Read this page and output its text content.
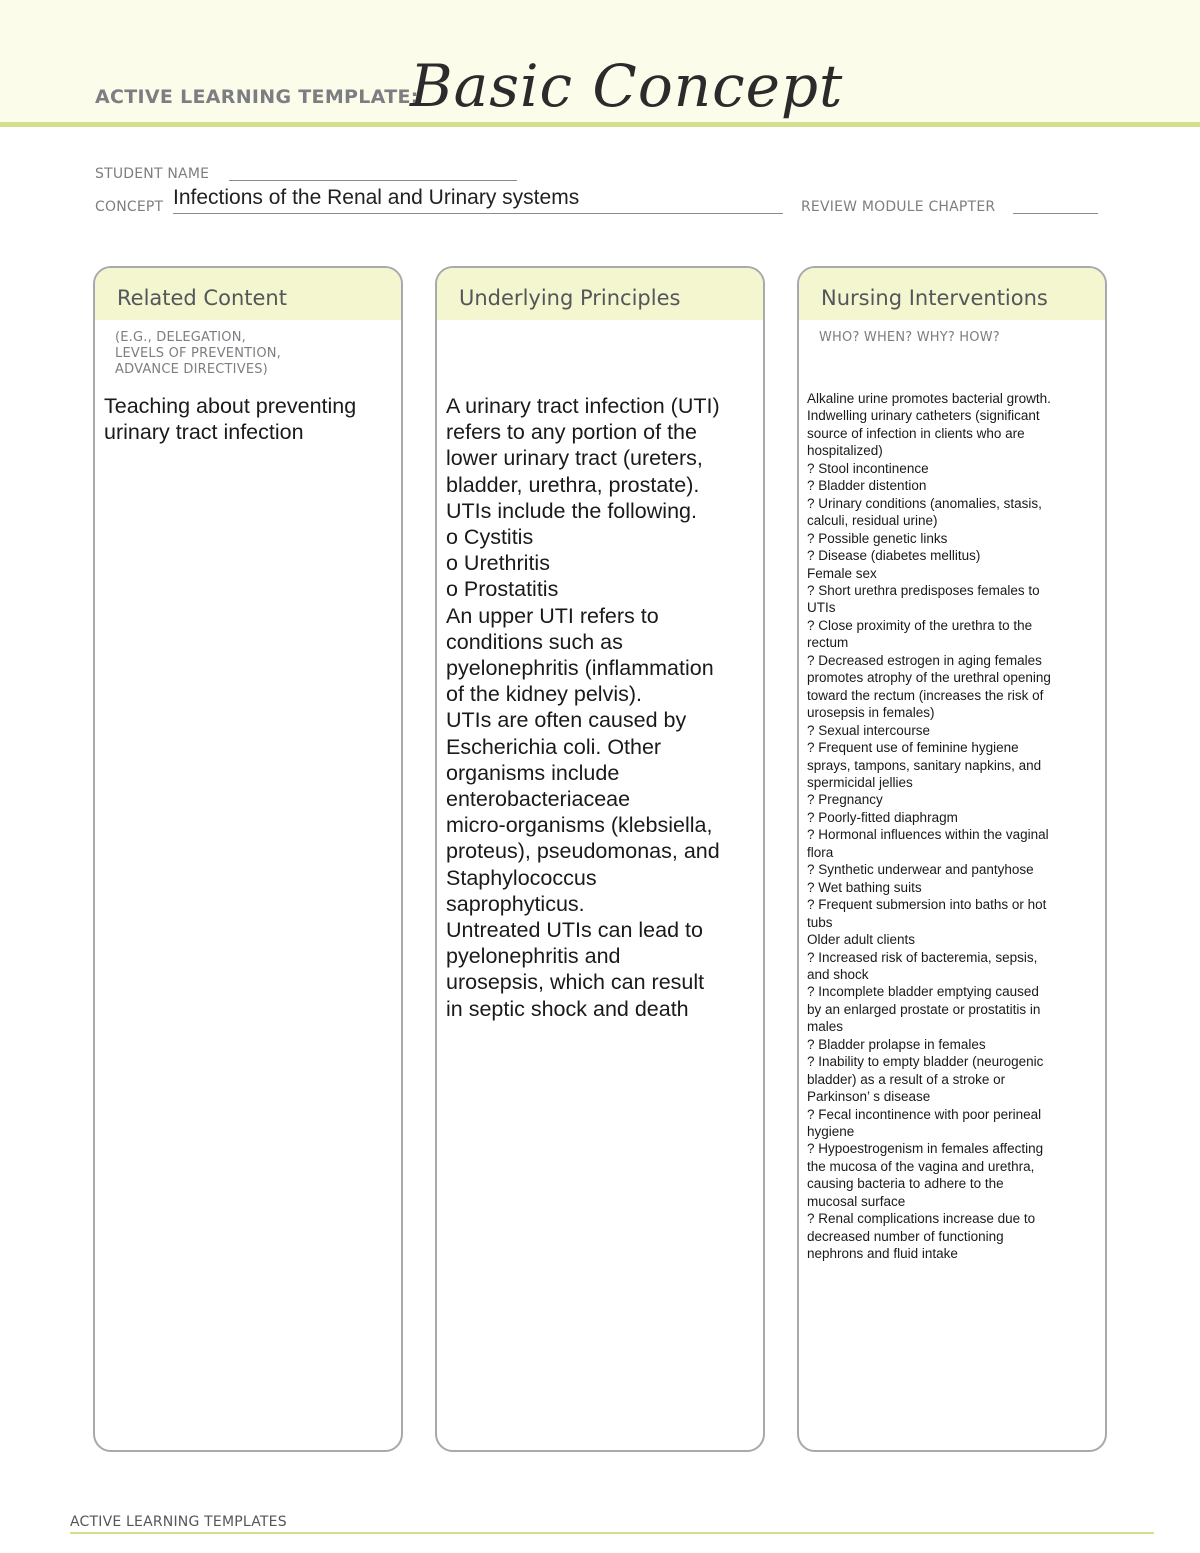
ACTIVE LEARNING TEMPLATE:
Basic Concept
STUDENT NAME
CONCEPT Infections of the Renal and Urinary systems	REVIEW MODULE CHAPTER
Related Content
(E.G., DELEGATION,
LEVELS OF PREVENTION,
ADVANCE DIRECTIVES)
Teaching about preventing
urinary tract infection
Underlying Principles
A urinary tract infection (UTI)
refers to any portion of the
lower urinary tract (ureters,
bladder, urethra, prostate).
UTIs include the following.
o Cystitis
o Urethritis
o Prostatitis
An upper UTI refers to
conditions such as
pyelonephritis (inflammation
of the kidney pelvis).
UTIs are often caused by
Escherichia coli. Other
organisms include
enterobacteriaceae
micro-organisms (klebsiella,
proteus), pseudomonas, and
Staphylococcus
saprophyticus.
Untreated UTIs can lead to
pyelonephritis and
urosepsis, which can result
in septic shock and death
Nursing Interventions
WHO? WHEN? WHY? HOW?
Alkaline urine promotes bacterial growth.
Indwelling urinary catheters (significant
source of infection in clients who are
hospitalized)
? Stool incontinence
? Bladder distention
? Urinary conditions (anomalies, stasis,
calculi, residual urine)
? Possible genetic links
? Disease (diabetes mellitus)
Female sex
? Short urethra predisposes females to
UTIs
? Close proximity of the urethra to the
rectum
? Decreased estrogen in aging females
promotes atrophy of the urethral opening
toward the rectum (increases the risk of
urosepsis in females)
? Sexual intercourse
? Frequent use of feminine hygiene
sprays, tampons, sanitary napkins, and
spermicidal jellies
? Pregnancy
? Poorly-fitted diaphragm
? Hormonal influences within the vaginal
flora
? Synthetic underwear and pantyhose
? Wet bathing suits
? Frequent submersion into baths or hot
tubs
Older adult clients
? Increased risk of bacteremia, sepsis,
and shock
? Incomplete bladder emptying caused
by an enlarged prostate or prostatitis in
males
? Bladder prolapse in females
? Inability to empty bladder (neurogenic
bladder) as a result of a stroke or
Parkinson’ s disease
? Fecal incontinence with poor perineal
hygiene
? Hypoestrogenism in females affecting
the mucosa of the vagina and urethra,
causing bacteria to adhere to the
mucosal surface
? Renal complications increase due to
decreased number of functioning
nephrons and fluid intake
ACTIVE LEARNING TEMPLATES
